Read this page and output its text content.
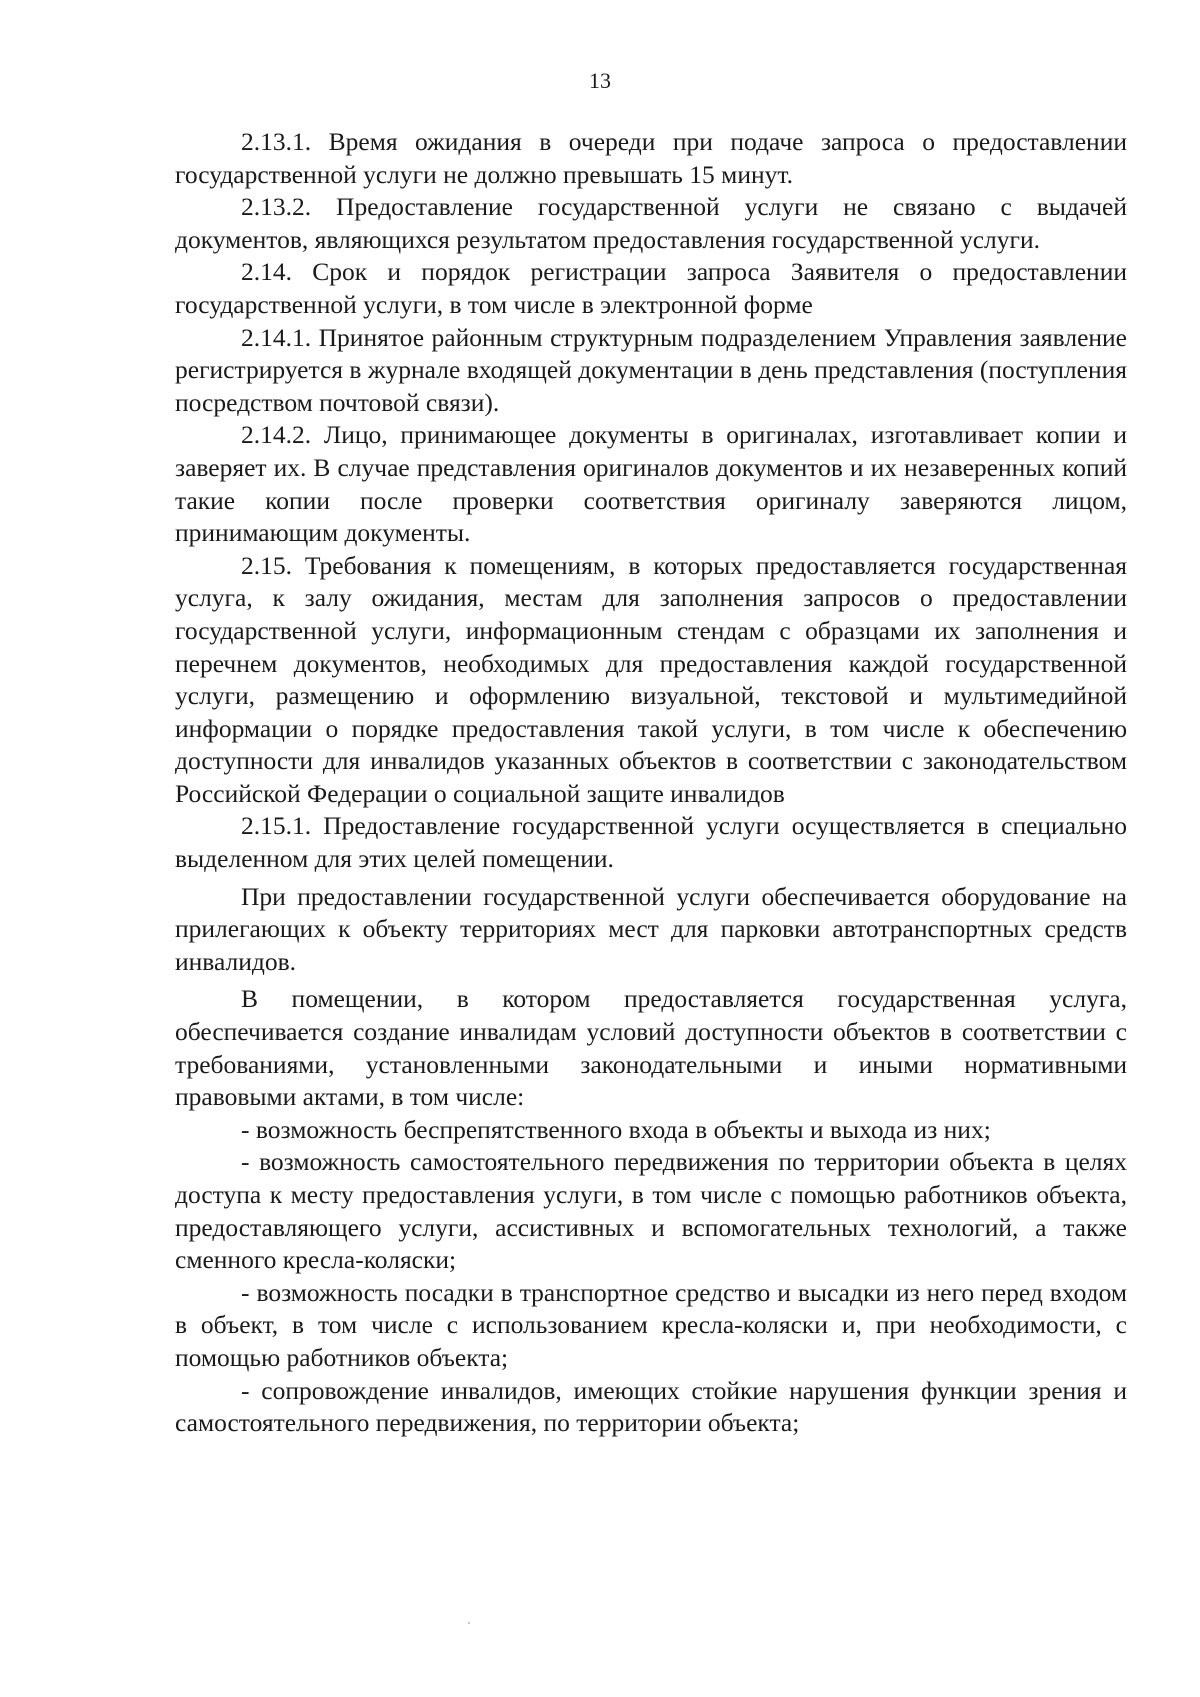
13

2.13.1. Время ожидания в очереди при подаче запроса о предоставлении государственной услуги не должно превышать 15 минут.

2.13.2. Предоставление государственной услуги не связано с выдачей документов, являющихся результатом предоставления государственной услуги.

2.14. Срок и порядок регистрации запроса Заявителя о предоставлении государственной услуги, в том числе в электронной форме

2.14.1. Принятое районным структурным подразделением Управления заявление регистрируется в журнале входящей документации в день представления (поступления посредством почтовой связи).

2.14.2. Лицо, принимающее документы в оригиналах, изготавливает копии и заверяет их. В случае представления оригиналов документов и их незаверенных копий такие копии после проверки соответствия оригиналу заверяются лицом, принимающим документы.

2.15. Требования к помещениям, в которых предоставляется государственная услуга, к залу ожидания, местам для заполнения запросов о предоставлении государственной услуги, информационным стендам с образцами их заполнения и перечнем документов, необходимых для предоставления каждой государственной услуги, размещению и оформлению визуальной, текстовой и мультимедийной информации о порядке предоставления такой услуги, в том числе к обеспечению доступности для инвалидов указанных объектов в соответствии с законодательством Российской Федерации о социальной защите инвалидов

2.15.1. Предоставление государственной услуги осуществляется в специально выделенном для этих целей помещении.

При предоставлении государственной услуги обеспечивается оборудование на прилегающих к объекту территориях мест для парковки автотранспортных средств инвалидов.

В помещении, в котором предоставляется государственная услуга, обеспечивается создание инвалидам условий доступности объектов в соответствии с требованиями, установленными законодательными и иными нормативными правовыми актами, в том числе:

- возможность беспрепятственного входа в объекты и выхода из них;

- возможность самостоятельного передвижения по территории объекта в целях доступа к месту предоставления услуги, в том числе с помощью работников объекта, предоставляющего услуги, ассистивных и вспомогательных технологий, а также сменного кресла-коляски;

- возможность посадки в транспортное средство и высадки из него перед входом в объект, в том числе с использованием кресла-коляски и, при необходимости, с помощью работников объекта;

- сопровождение инвалидов, имеющих стойкие нарушения функции зрения и самостоятельного передвижения, по территории объекта;
